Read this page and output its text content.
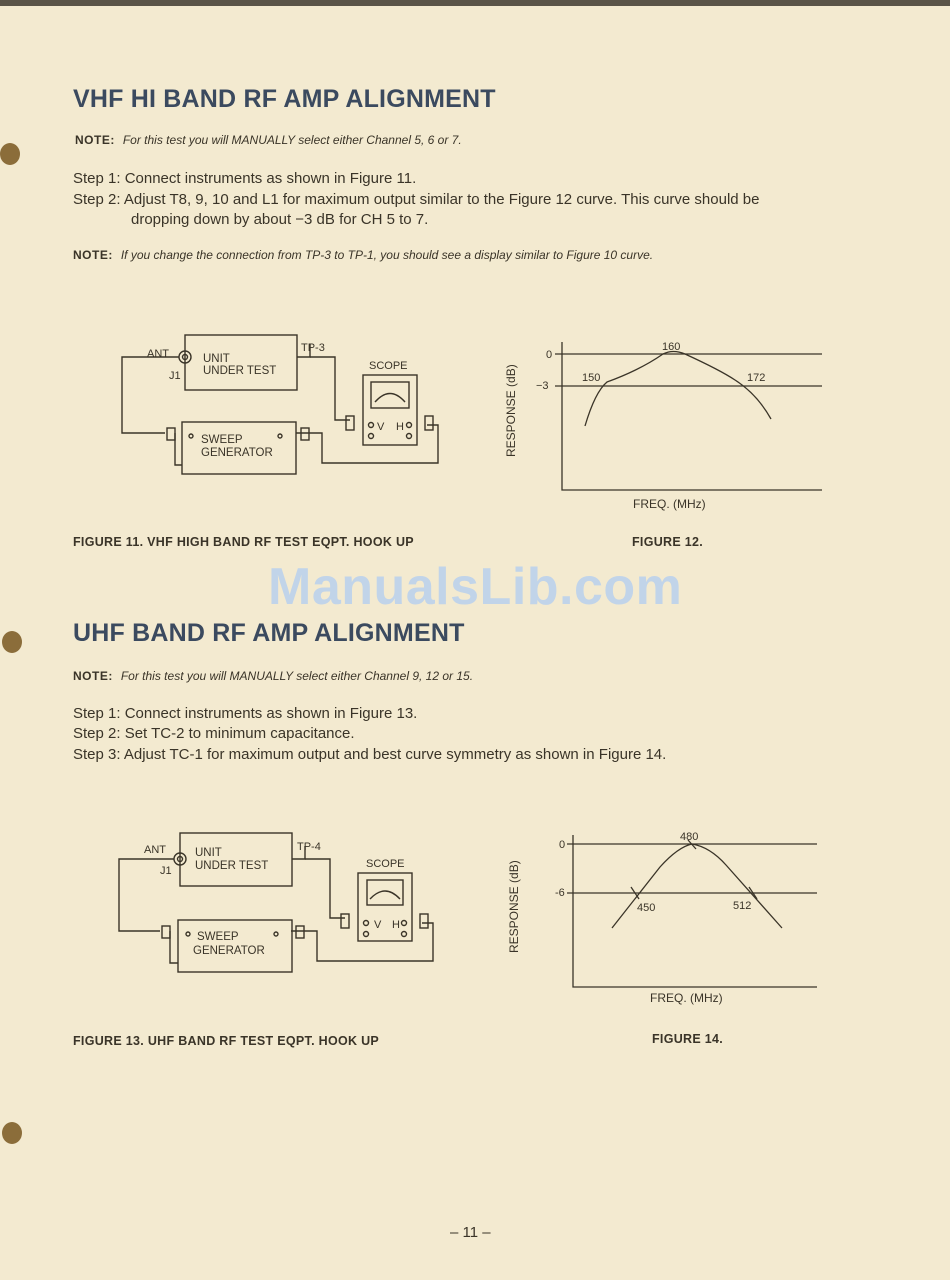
VHF HI BAND RF AMP ALIGNMENT

NOTE: For this test you will MANUALLY select either Channel 5, 6 or 7.

Step 1: Connect instruments as shown in Figure 11.

Step 2: Adjust T8, 9, 10 and L1 for maximum output similar to the Figure 12 curve. This curve should be

dropping down by about −3 dB for CH 5 to 7.

NOTE: If you change the connection from TP-3 to TP-1, you should see a display similar to Figure 10 curve.

ANT
J1
UNIT
UNDER TEST
TP-3
SCOPE
V H
SWEEP
GENERATOR

FIGURE 11. VHF HIGH BAND RF TEST EQPT. HOOK UP

0
−3
150
160
172
RESPONSE (dB)
FREQ. (MHz)

FIGURE 12.

ManualsLib.com
UHF BAND RF AMP ALIGNMENT

NOTE: For this test you will MANUALLY select either Channel 9, 12 or 15.

Step 1: Connect instruments as shown in Figure 13.

Step 2: Set TC-2 to minimum capacitance.

Step 3: Adjust TC-1 for maximum output and best curve symmetry as shown in Figure 14.

ANT
J1
UNIT
UNDER TEST
TP-4
SCOPE
V H
SWEEP
GENERATOR

FIGURE 13. UHF BAND RF TEST EQPT. HOOK UP

0
-6
450
480
512
RESPONSE (dB)
FREQ. (MHz)

FIGURE 14.

– 11 –
